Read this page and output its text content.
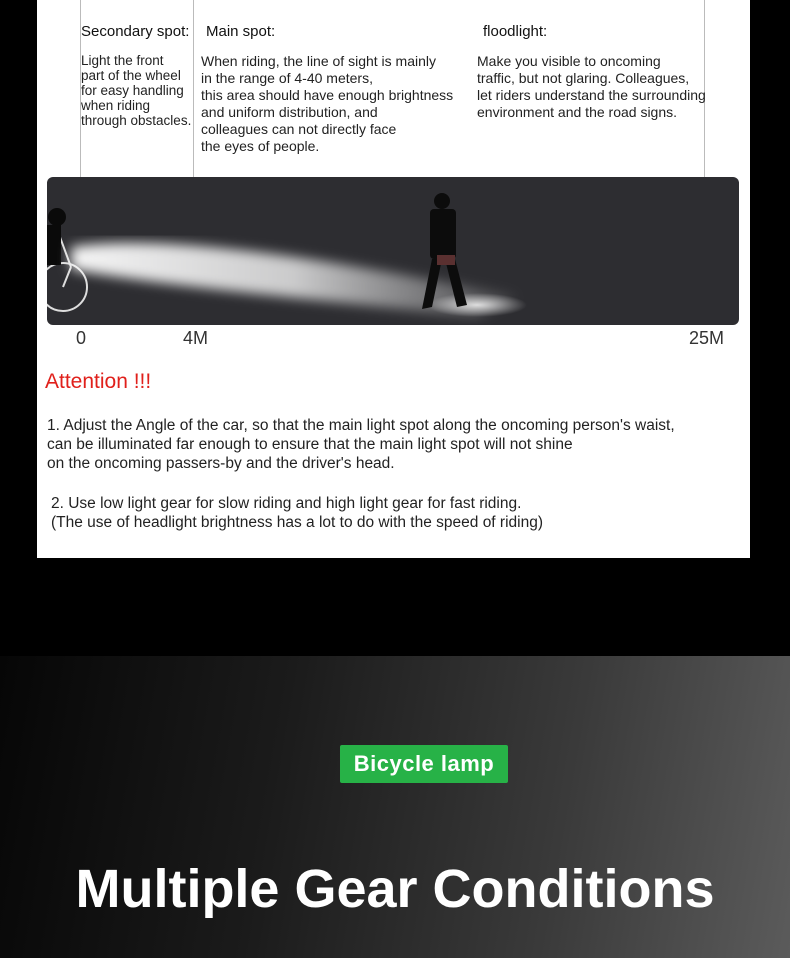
Secondary spot:
Light the front
part of the wheel
for easy handling
when riding
through obstacles.
Main spot:
When riding, the line of sight is mainly
in the range of 4-40 meters,
this area should have enough brightness
and uniform distribution, and
colleagues can not directly face
the eyes of people.
floodlight:
Make you visible to oncoming
traffic, but not glaring. Colleagues,
let riders understand the surrounding
environment and the road signs.
0	4M	25M
Attention !!!
1. Adjust the Angle of the car, so that the main light spot along the oncoming person's waist,
can be illuminated far enough to ensure that the main light spot will not shine
on the oncoming passers-by and the driver's head.
2. Use low light gear for slow riding and high light gear for fast riding.
(The use of headlight brightness has a lot to do with the speed of riding)
Bicycle lamp
Multiple Gear Conditions
